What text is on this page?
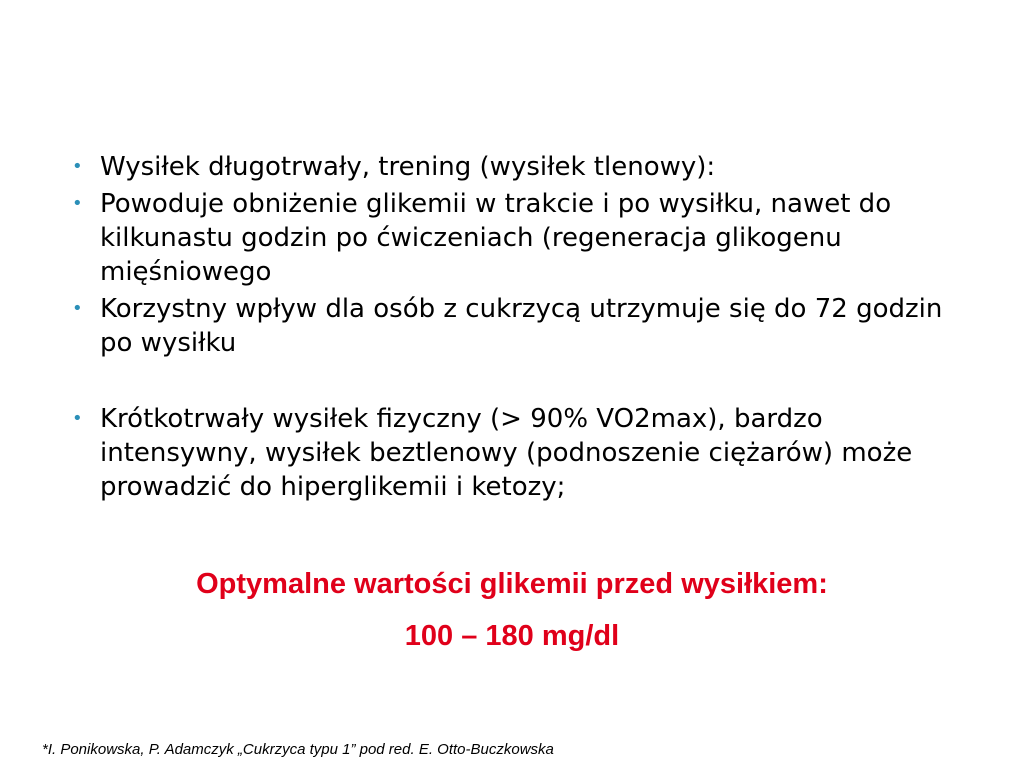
• Wysiłek długotrwały, trening (wysiłek tlenowy):
• Powoduje obniżenie glikemii w trakcie i po wysiłku, nawet do kilkunastu godzin po ćwiczeniach (regeneracja glikogenu mięśniowego
• Korzystny wpływ dla osób z cukrzycą utrzymuje się do 72 godzin po wysiłku
• Krótkotrwały wysiłek fizyczny (> 90% VO2max), bardzo intensywny, wysiłek beztlenowy (podnoszenie ciężarów) może prowadzić do hiperglikemii i ketozy;
Optymalne wartości glikemii przed wysiłkiem:
100 – 180 mg/dl
*I. Ponikowska, P. Adamczyk „Cukrzyca typu 1” pod red. E. Otto-Buczkowska
